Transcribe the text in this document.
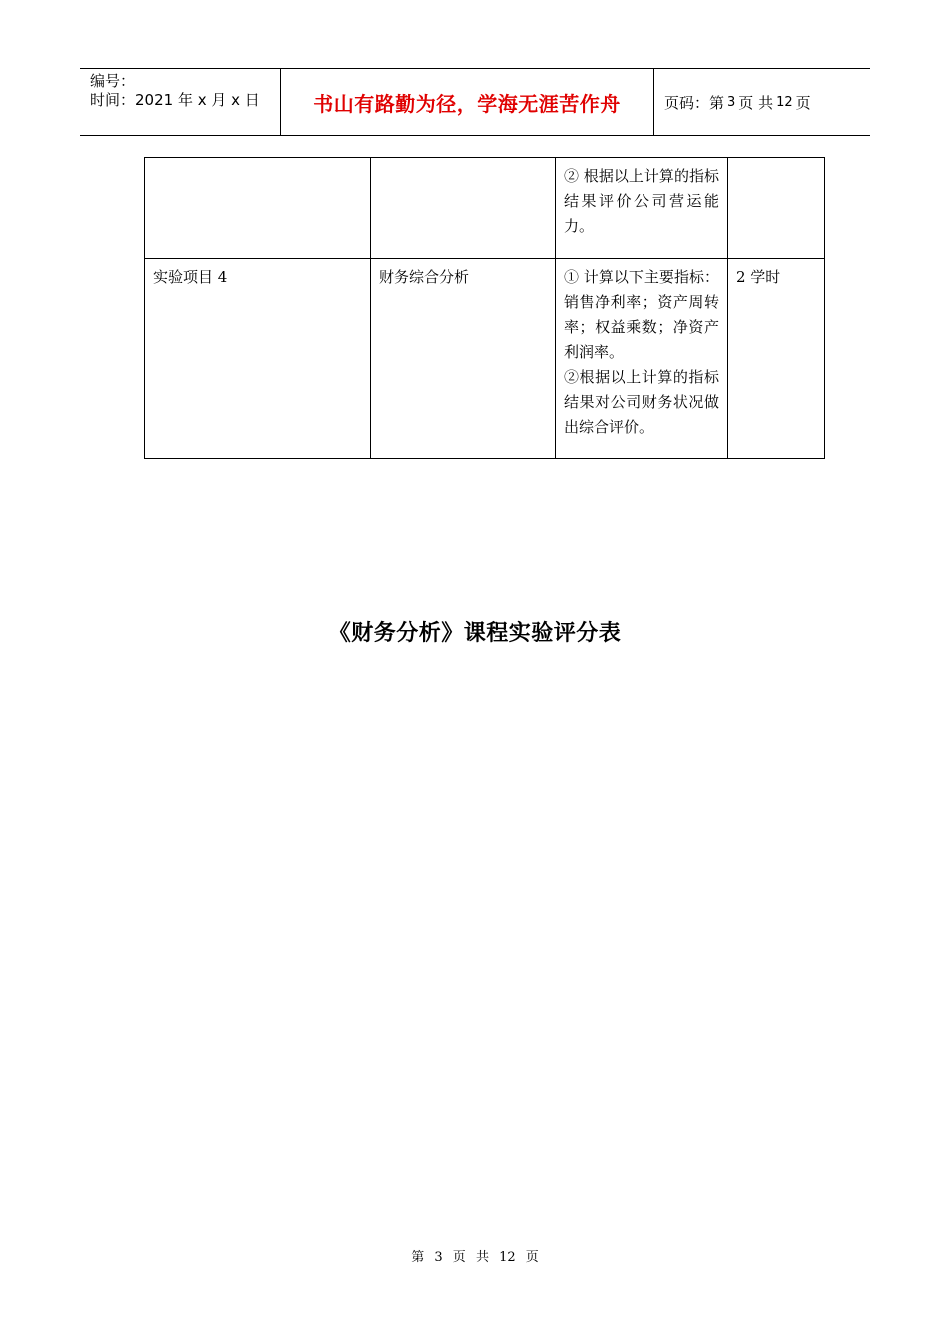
编号：
时间：2021 年 x 月 x 日	书山有路勤为径，学海无涯苦作舟	页码：第 3 页 共 12 页
		② 根据以上计算的指标结果评价公司营运能力。	
实验项目 4	财务综合分析	① 计算以下主要指标：销售净利率；资产周转率；权益乘数；净资产利润率。
②根据以上计算的指标结果对公司财务状况做出综合评价。	2 学时
《财务分析》课程实验评分表
第 3 页 共 12 页
